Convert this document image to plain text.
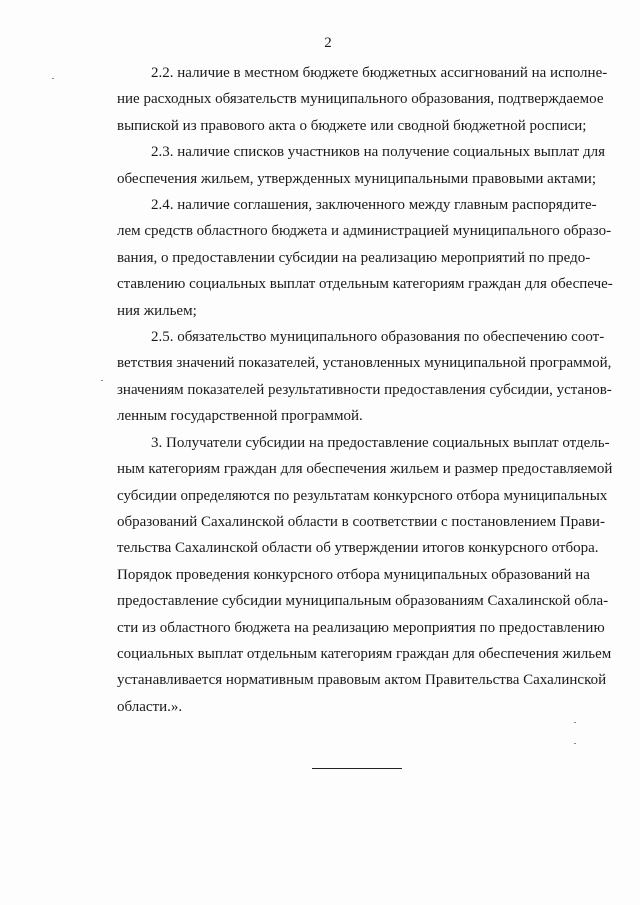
2
2.2. наличие в местном бюджете бюджетных ассигнований на исполне-
ние расходных обязательств муниципального образования, подтверждаемое
выпиской из правового акта о бюджете или сводной бюджетной росписи;
2.3. наличие списков участников на получение социальных выплат для
обеспечения жильем, утвержденных муниципальными правовыми актами;
2.4. наличие соглашения, заключенного между главным распорядите-
лем средств областного бюджета и администрацией муниципального образо-
вания, о предоставлении субсидии на реализацию мероприятий по предо-
ставлению социальных выплат отдельным категориям граждан для обеспече-
ния жильем;
2.5. обязательство муниципального образования по обеспечению соот-
ветствия значений показателей, установленных муниципальной программой,
значениям показателей результативности предоставления субсидии, установ-
ленным государственной программой.
3. Получатели субсидии на предоставление социальных выплат отдель-
ным категориям граждан для обеспечения жильем и размер предоставляемой
субсидии определяются по результатам конкурсного отбора муниципальных
образований Сахалинской области в соответствии с постановлением Прави-
тельства Сахалинской области об утверждении итогов конкурсного отбора.
Порядок проведения конкурсного отбора муниципальных образований на
предоставление субсидии муниципальным образованиям Сахалинской обла-
сти из областного бюджета на реализацию мероприятия по предоставлению
социальных выплат отдельным категориям граждан для обеспечения жильем
устанавливается нормативным правовым актом Правительства Сахалинской
области.».
